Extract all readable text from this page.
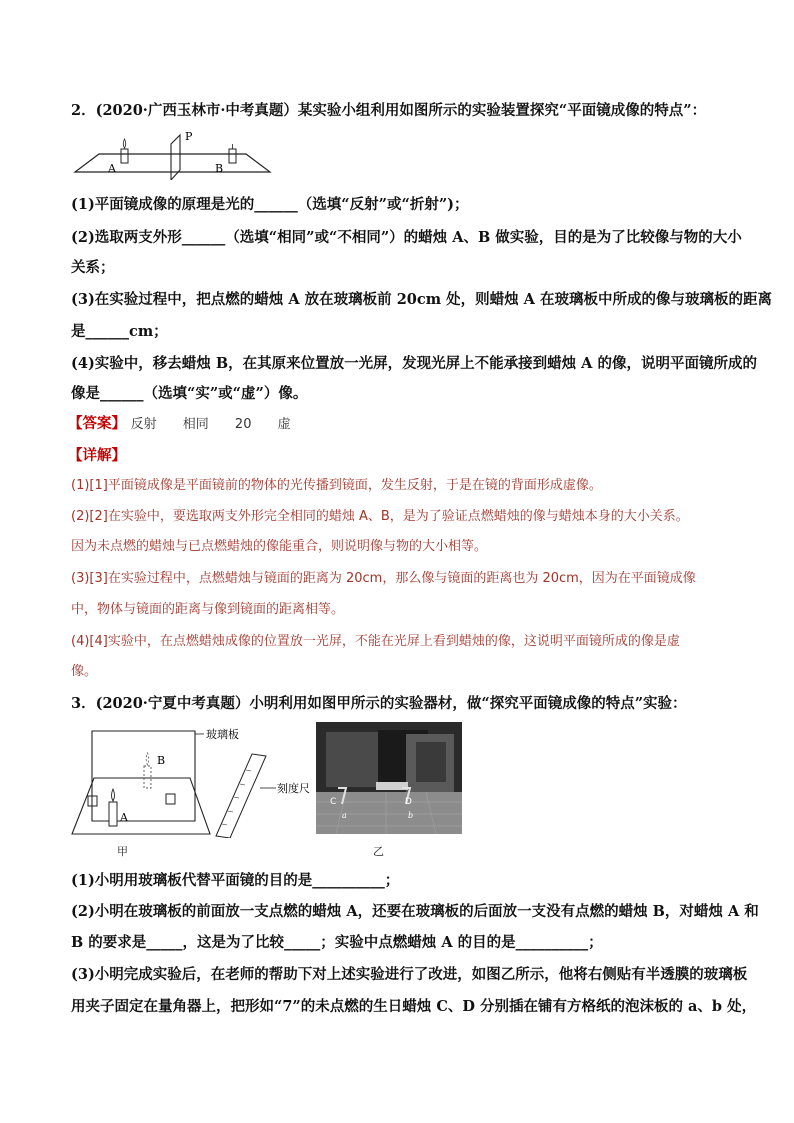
2．(2020·广西玉林市·中考真题）某实验小组利用如图所示的实验装置探究“平面镜成像的特点”：
A	B
P
(1)平面镜成像的原理是光的______（选填“反射”或“折射”)；
(2)选取两支外形______（选填“相同”或“不相同”）的蜡烛 A、B 做实验，目的是为了比较像与物的大小
关系；
(3)在实验过程中，把点燃的蜡烛 A 放在玻璃板前 20cm 处，则蜡烛 A 在玻璃板中所成的像与玻璃板的距离
是______cm；
(4)实验中，移去蜡烛 B，在其原来位置放一光屏，发现光屏上不能承接到蜡烛 A 的像，说明平面镜所成的
像是______（选填“实”或“虚”）像。
【答案】 反射 相同 20 虚
【详解】
(1)[1]平面镜成像是平面镜前的物体的光传播到镜面，发生反射，于是在镜的背面形成虚像。
(2)[2]在实验中，要选取两支外形完全相同的蜡烛 A、B，是为了验证点燃蜡烛的像与蜡烛本身的大小关系。
因为未点燃的蜡烛与已点燃蜡烛的像能重合，则说明像与物的大小相等。
(3)[3]在实验过程中，点燃蜡烛与镜面的距离为 20cm，那么像与镜面的距离也为 20cm，因为在平面镜成像
中，物体与镜面的距离与像到镜面的距离相等。
(4)[4]实验中，在点燃蜡烛成像的位置放一光屏，不能在光屏上看到蜡烛的像，这说明平面镜所成的像是虚
像。
3．(2020·宁夏中考真题）小明利用如图甲所示的实验器材，做“探究平面镜成像的特点”实验：
B
A
玻璃板
刻度尺
甲
C	D
a	b
乙
(1)小明用玻璃板代替平面镜的目的是__________；
(2)小明在玻璃板的前面放一支点燃的蜡烛 A，还要在玻璃板的后面放一支没有点燃的蜡烛 B，对蜡烛 A 和
B 的要求是_____，这是为了比较_____；实验中点燃蜡烛 A 的目的是__________；
(3)小明完成实验后，在老师的帮助下对上述实验进行了改进，如图乙所示，他将右侧贴有半透膜的玻璃板
用夹子固定在量角器上，把形如“7”的未点燃的生日蜡烛 C、D 分别插在铺有方格纸的泡沫板的 a、b 处，
